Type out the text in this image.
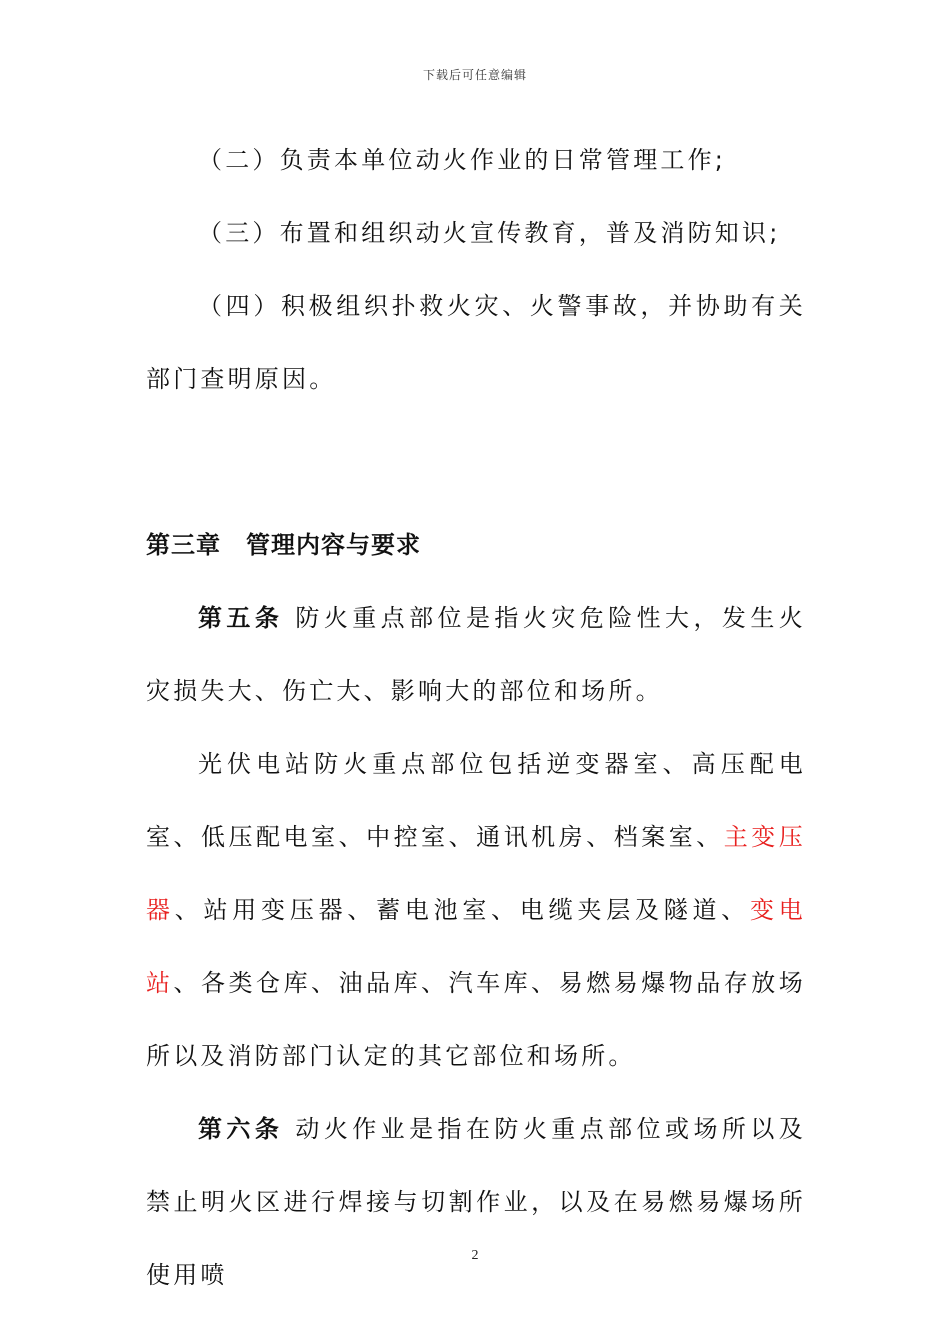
下载后可任意编辑

（二）负责本单位动火作业的日常管理工作;

（三）布置和组织动火宣传教育，普及消防知识;

（四）积极组织扑救火灾、火警事故，并协助有关部门查明原因。

第三章　管理内容与要求

第五条 防火重点部位是指火灾危险性大，发生火灾损失大、伤亡大、影响大的部位和场所。

光伏电站防火重点部位包括逆变器室、高压配电室、低压配电室、中控室、通讯机房、档案室、主变压器、站用变压器、蓄电池室、电缆夹层及隧道、变电站、各类仓库、油品库、汽车库、易燃易爆物品存放场所以及消防部门认定的其它部位和场所。

第六条 动火作业是指在防火重点部位或场所以及禁止明火区进行焊接与切割作业，以及在易燃易爆场所使用喷

2
